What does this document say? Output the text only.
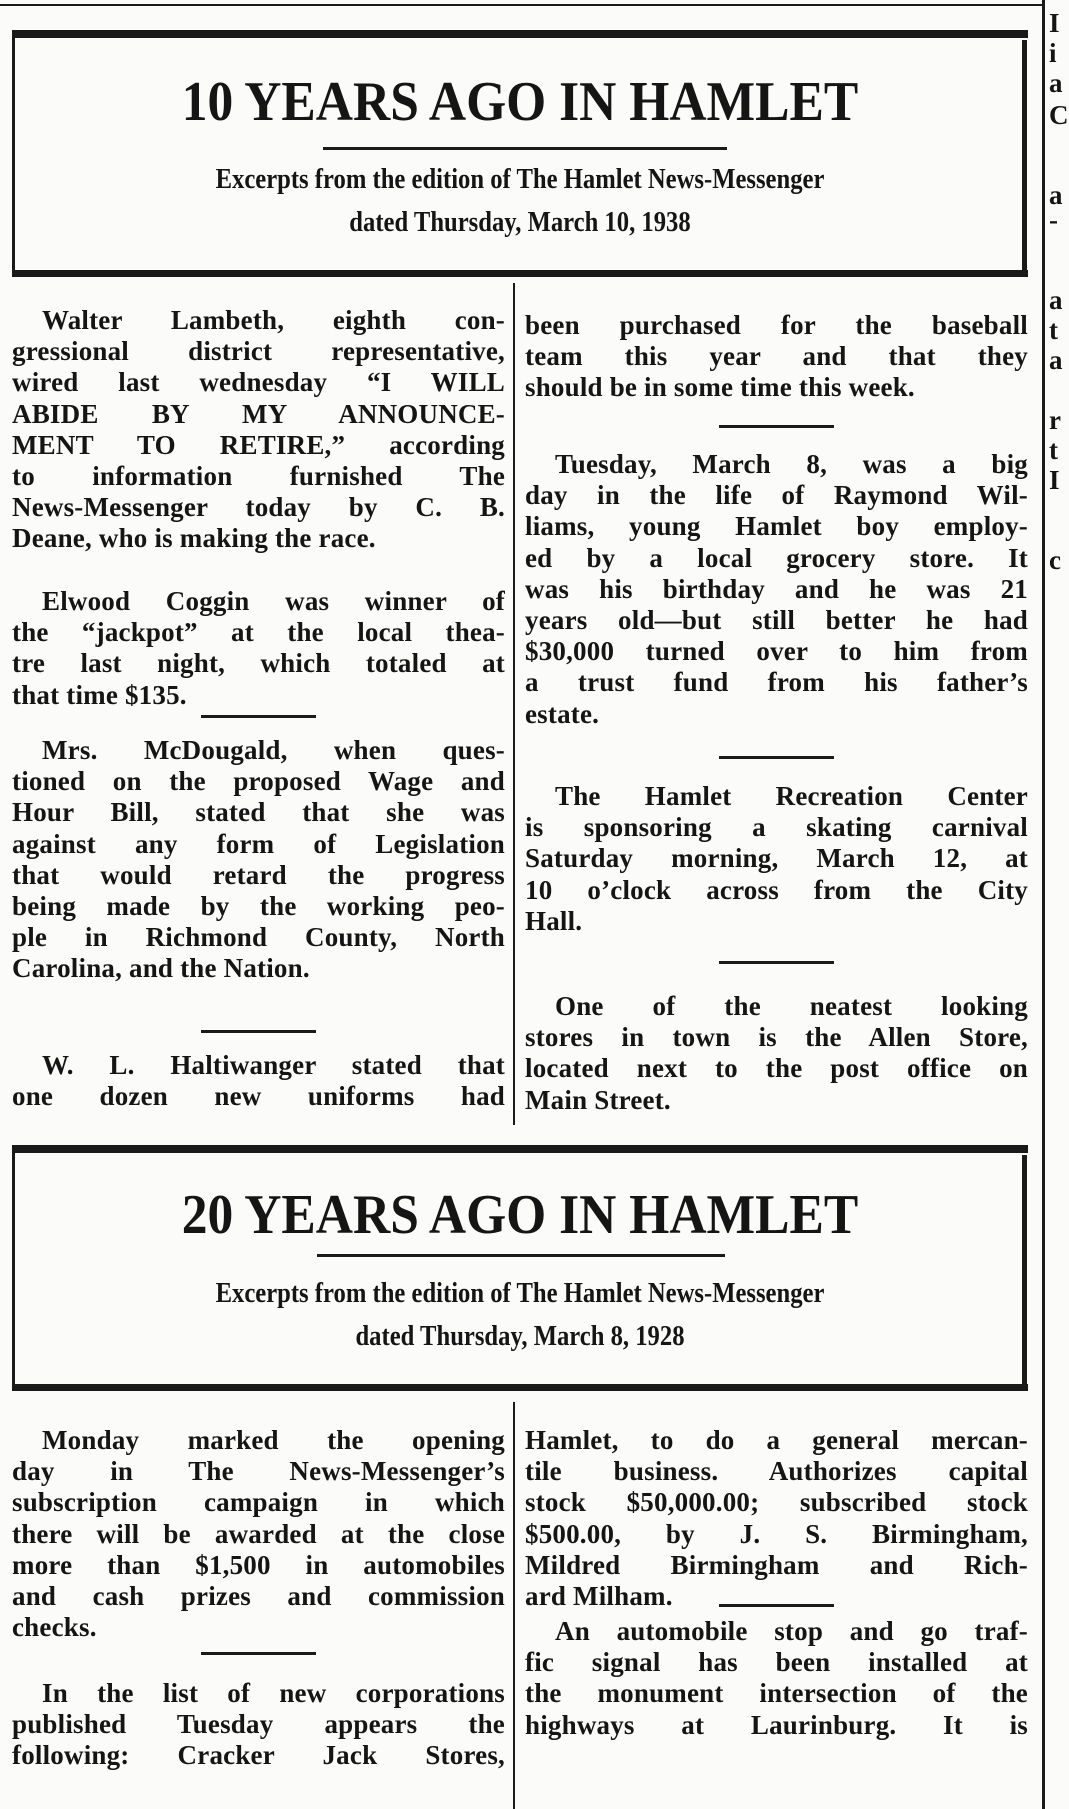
10 YEARS AGO IN HAMLET
Excerpts from the edition of The Hamlet News-Messenger
dated Thursday, March 10, 1938
Walter Lambeth, eighth con-
gressional district representative,
wired last wednesday “I WILL
ABIDE BY MY ANNOUNCE-
MENT TO RETIRE,” according
to information furnished The
News-Messenger today by C. B.
Deane, who is making the race.
Elwood Coggin was winner of
the “jackpot” at the local thea-
tre last night, which totaled at
that time $135.
Mrs. McDougald, when ques-
tioned on the proposed Wage and
Hour Bill, stated that she was
against any form of Legislation
that would retard the progress
being made by the working peo-
ple in Richmond County, North
Carolina, and the Nation.
W. L. Haltiwanger stated that
one dozen new uniforms had
been purchased for the baseball
team this year and that they
should be in some time this week.
Tuesday, March 8, was a big
day in the life of Raymond Wil-
liams, young Hamlet boy employ-
ed by a local grocery store. It
was his birthday and he was 21
years old—but still better he had
$30,000 turned over to him from
a trust fund from his father’s
estate.
The Hamlet Recreation Center
is sponsoring a skating carnival
Saturday morning, March 12, at
10 o’clock across from the City
Hall.
One of the neatest looking
stores in town is the Allen Store,
located next to the post office on
Main Street.
20 YEARS AGO IN HAMLET
Excerpts from the edition of The Hamlet News-Messenger
dated Thursday, March 8, 1928
Monday marked the opening
day in The News-Messenger’s
subscription campaign in which
there will be awarded at the close
more than $1,500 in automobiles
and cash prizes and commission
checks.
In the list of new corporations
published Tuesday appears the
following: Cracker Jack Stores,
Hamlet, to do a general mercan-
tile business. Authorizes capital
stock $50,000.00; subscribed stock
$500.00, by J. S. Birmingham,
Mildred Birmingham and Rich-
ard Milham.
An automobile stop and go traf-
fic signal has been installed at
the monument intersection of the
highways at Laurinburg. It is
I
i
a
C
a
-
a
t
a
r
t
I
c
